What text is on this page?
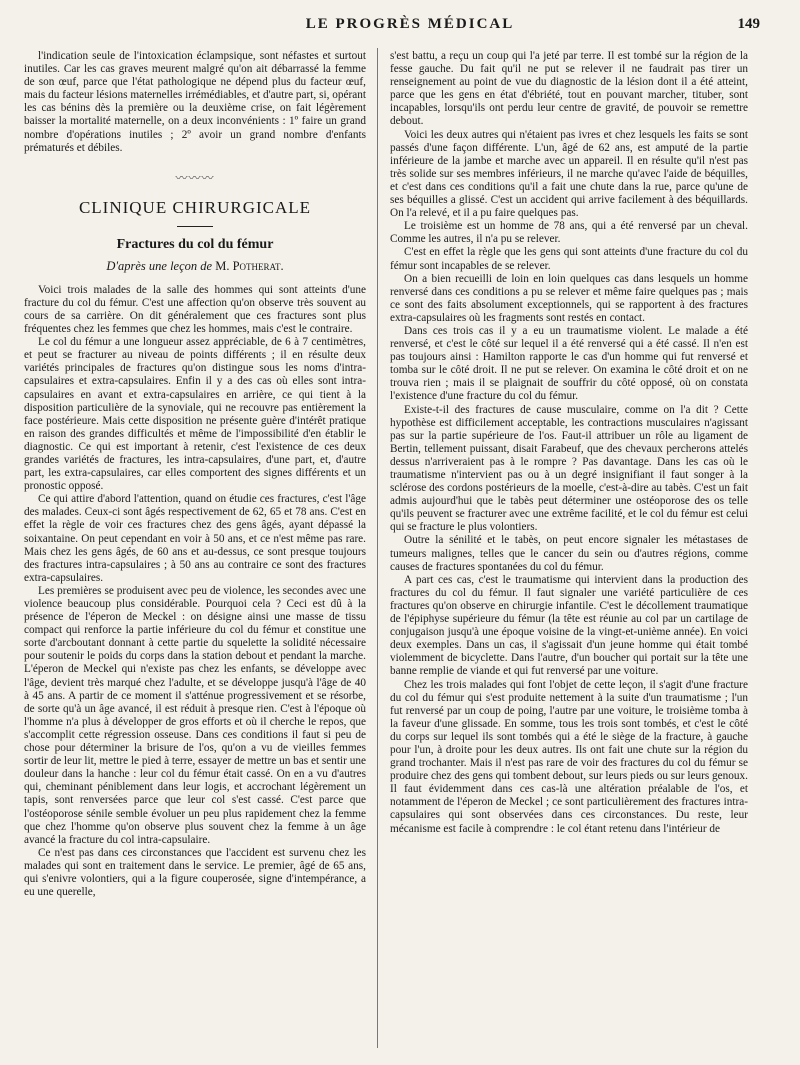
LE PROGRÈS MÉDICAL	149

l'indication seule de l'intoxication éclampsique, sont néfastes et surtout inutiles. Car les cas graves meurent malgré qu'on ait débarrassé la femme de son œuf, parce que l'état pathologique ne dépend plus du facteur œuf, mais du facteur lésions maternelles irrémédiables, et d'autre part, si, opérant les cas bénins dès la première ou la deuxième crise, on fait légèrement baisser la mortalité maternelle, on a deux inconvénients : 1º faire un grand nombre d'opérations inutiles ; 2º avoir un grand nombre d'enfants prématurés et débiles.

〰〰〰
CLINIQUE CHIRURGICALE
Fractures du col du fémur
D'après une leçon de M. Potherat.

Voici trois malades de la salle des hommes qui sont atteints d'une fracture du col du fémur. C'est une affection qu'on observe très souvent au cours de sa carrière. On dit généralement que ces fractures sont plus fréquentes chez les femmes que chez les hommes, mais c'est le contraire.

Le col du fémur a une longueur assez appréciable, de 6 à 7 centimètres, et peut se fracturer au niveau de points différents ; il en résulte deux variétés principales de fractures qu'on distingue sous les noms d'intra-capsulaires et extra-capsulaires. Enfin il y a des cas où elles sont intra-capsulaires en avant et extra-capsulaires en arrière, ce qui tient à la disposition particulière de la synoviale, qui ne recouvre pas entièrement la face postérieure. Mais cette disposition ne présente guère d'intérêt pratique en raison des grandes difficultés et même de l'impossibilité d'en établir le diagnostic. Ce qui est important à retenir, c'est l'existence de ces deux grandes variétés de fractures, les intra-capsulaires, d'une part, et, d'autre part, les extra-capsulaires, car elles comportent des signes différents et un pronostic opposé.

Ce qui attire d'abord l'attention, quand on étudie ces fractures, c'est l'âge des malades. Ceux-ci sont âgés respectivement de 62, 65 et 78 ans. C'est en effet la règle de voir ces fractures chez des gens âgés, ayant dépassé la soixantaine. On peut cependant en voir à 50 ans, et ce n'est même pas rare. Mais chez les gens âgés, de 60 ans et au-dessus, ce sont presque toujours des fractures intra-capsulaires ; à 50 ans au contraire ce sont des fractures extra-capsulaires.

Les premières se produisent avec peu de violence, les secondes avec une violence beaucoup plus considérable. Pourquoi cela ? Ceci est dû à la présence de l'éperon de Meckel : on désigne ainsi une masse de tissu compact qui renforce la partie inférieure du col du fémur et constitue une sorte d'arcboutant donnant à cette partie du squelette la solidité nécessaire pour soutenir le poids du corps dans la station debout et pendant la marche. L'éperon de Meckel qui n'existe pas chez les enfants, se développe avec l'âge, devient très marqué chez l'adulte, et se développe jusqu'à l'âge de 40 à 45 ans. A partir de ce moment il s'atténue progressivement et se résorbe, de sorte qu'à un âge avancé, il est réduit à presque rien. C'est à l'époque où l'homme n'a plus à développer de gros efforts et où il cherche le repos, que s'accomplit cette régression osseuse. Dans ces conditions il faut si peu de chose pour déterminer la brisure de l'os, qu'on a vu de vieilles femmes sortir de leur lit, mettre le pied à terre, essayer de mettre un bas et sentir une douleur dans la hanche : leur col du fémur était cassé. On en a vu d'autres qui, cheminant péniblement dans leur logis, et accrochant légèrement un tapis, sont renversées parce que leur col s'est cassé. C'est parce que l'ostéoporose sénile semble évoluer un peu plus rapidement chez la femme que chez l'homme qu'on observe plus souvent chez la femme à un âge avancé la fracture du col intra-capsulaire.

Ce n'est pas dans ces circonstances que l'accident est survenu chez les malades qui sont en traitement dans le service. Le premier, âgé de 65 ans, qui s'enivre volontiers, qui a la figure couperosée, signe d'intempérance, a eu une querelle,

s'est battu, a reçu un coup qui l'a jeté par terre. Il est tombé sur la région de la fesse gauche. Du fait qu'il ne put se relever il ne faudrait pas tirer un renseignement au point de vue du diagnostic de la lésion dont il a été atteint, parce que les gens en état d'ébriété, tout en pouvant marcher, tituber, sont incapables, lorsqu'ils ont perdu leur centre de gravité, de pouvoir se remettre debout.

Voici les deux autres qui n'étaient pas ivres et chez lesquels les faits se sont passés d'une façon différente. L'un, âgé de 62 ans, est amputé de la partie inférieure de la jambe et marche avec un appareil. Il en résulte qu'il n'est pas très solide sur ses membres inférieurs, il ne marche qu'avec l'aide de béquilles, et c'est dans ces conditions qu'il a fait une chute dans la rue, parce qu'une de ses béquilles a glissé. C'est un accident qui arrive facilement à des béquillards. On l'a relevé, et il a pu faire quelques pas.

Le troisième est un homme de 78 ans, qui a été renversé par un cheval. Comme les autres, il n'a pu se relever.

C'est en effet la règle que les gens qui sont atteints d'une fracture du col du fémur sont incapables de se relever.

On a bien recueilli de loin en loin quelques cas dans lesquels un homme renversé dans ces conditions a pu se relever et même faire quelques pas ; mais ce sont des faits absolument exceptionnels, qui se rapportent à des fractures extra-capsulaires où les fragments sont restés en contact.

Dans ces trois cas il y a eu un traumatisme violent. Le malade a été renversé, et c'est le côté sur lequel il a été renversé qui a été cassé. Il n'en est pas toujours ainsi : Hamilton rapporte le cas d'un homme qui fut renversé et tomba sur le côté droit. Il ne put se relever. On examina le côté droit et on ne trouva rien ; mais il se plaignait de souffrir du côté opposé, où on constata l'existence d'une fracture du col du fémur.

Existe-t-il des fractures de cause musculaire, comme on l'a dit ? Cette hypothèse est difficilement acceptable, les contractions musculaires n'agissant pas sur la partie supérieure de l'os. Faut-il attribuer un rôle au ligament de Bertin, tellement puissant, disait Farabeuf, que des chevaux percherons attelés dessus n'arriveraient pas à le rompre ? Pas davantage. Dans les cas où le traumatisme n'intervient pas ou à un degré insignifiant il faut songer à la sclérose des cordons postérieurs de la moelle, c'est-à-dire au tabès. C'est un fait admis aujourd'hui que le tabès peut déterminer une ostéoporose des os telle qu'ils peuvent se fracturer avec une extrême facilité, et le col du fémur est celui qui se fracture le plus volontiers.

Outre la sénilité et le tabès, on peut encore signaler les métastases de tumeurs malignes, telles que le cancer du sein ou d'autres régions, comme causes de fractures spontanées du col du fémur.

A part ces cas, c'est le traumatisme qui intervient dans la production des fractures du col du fémur. Il faut signaler une variété particulière de ces fractures qu'on observe en chirurgie infantile. C'est le décollement traumatique de l'épiphyse supérieure du fémur (la tête est réunie au col par un cartilage de conjugaison jusqu'à une époque voisine de la vingt-et-unième année). En voici deux exemples. Dans un cas, il s'agissait d'un jeune homme qui était tombé violemment de bicyclette. Dans l'autre, d'un boucher qui portait sur la tête une banne remplie de viande et qui fut renversé par une voiture.

Chez les trois malades qui font l'objet de cette leçon, il s'agit d'une fracture du col du fémur qui s'est produite nettement à la suite d'un traumatisme ; l'un fut renversé par un coup de poing, l'autre par une voiture, le troisième tomba à la faveur d'une glissade. En somme, tous les trois sont tombés, et c'est le côté du corps sur lequel ils sont tombés qui a été le siège de la fracture, à gauche pour l'un, à droite pour les deux autres. Ils ont fait une chute sur la région du grand trochanter. Mais il n'est pas rare de voir des fractures du col du fémur se produire chez des gens qui tombent debout, sur leurs pieds ou sur leurs genoux. Il faut évidemment dans ces cas-là une altération préalable de l'os, et notamment de l'éperon de Meckel ; ce sont particulièrement des fractures intra-capsulaires qui sont observées dans ces circonstances. Du reste, leur mécanisme est facile à comprendre : le col étant retenu dans l'intérieur de
